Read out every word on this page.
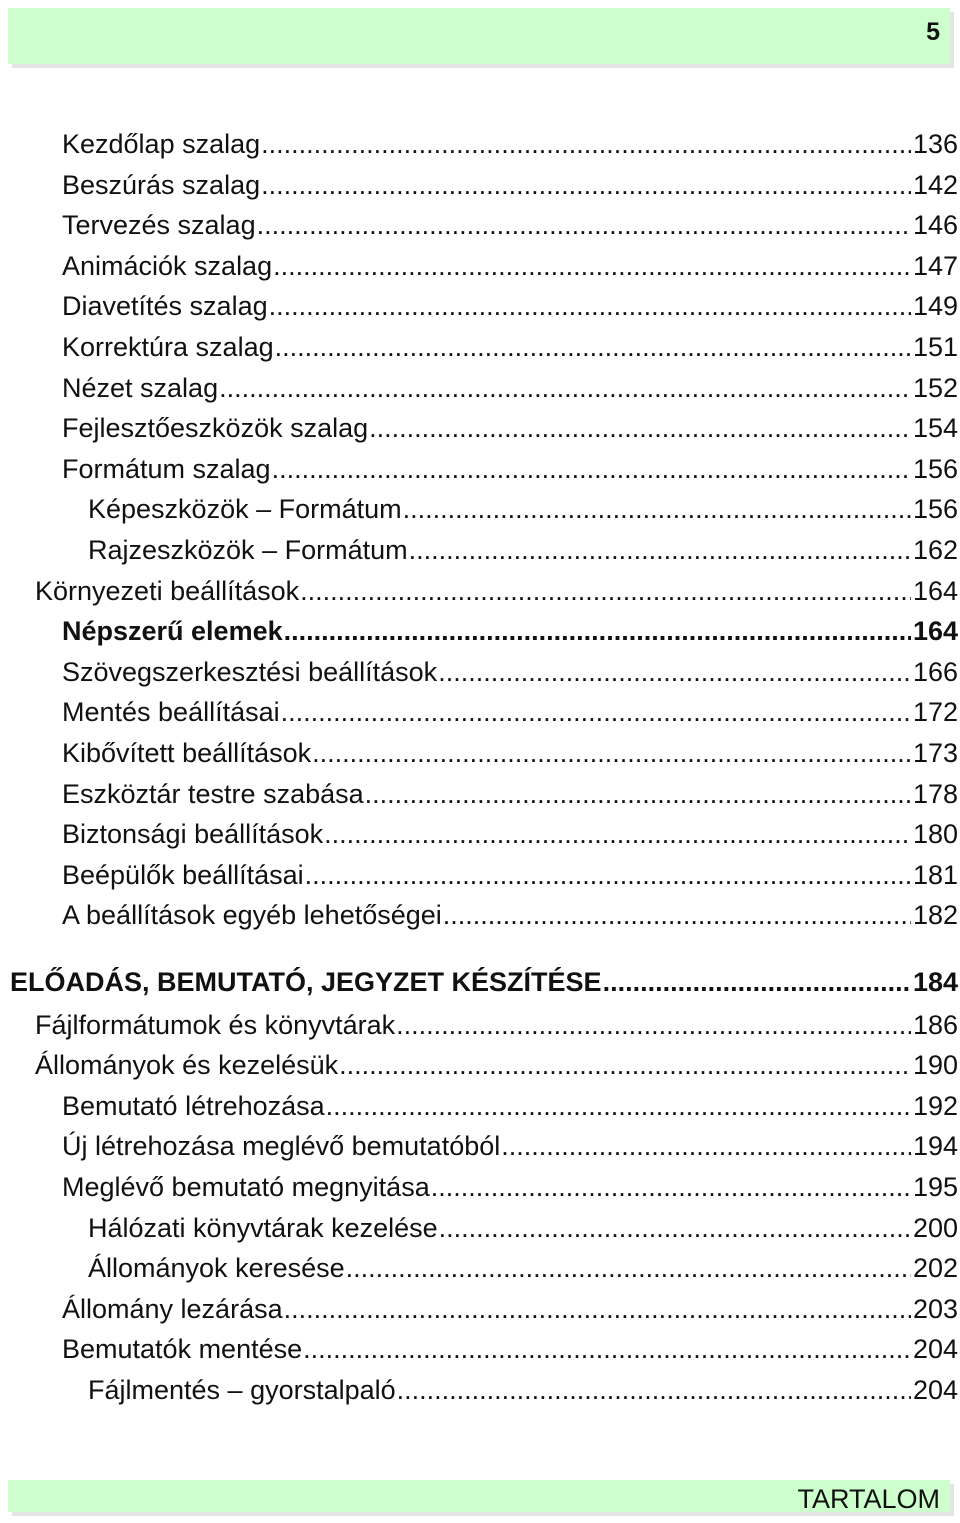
5
Kezdőlap szalag .....	136
Beszúrás szalag .....	142
Tervezés szalag .....	146
Animációk szalag .....	147
Diavetítés szalag .....	149
Korrektúra szalag .....	151
Nézet szalag .....	152
Fejlesztőeszközök szalag .....	154
Formátum szalag .....	156
Képeszközök – Formátum .....	156
Rajzeszközök – Formátum .....	162
Környezeti beállítások .....	164
Népszerű elemek .....	164
Szövegszerkesztési beállítások .....	166
Mentés beállításai .....	172
Kibővített beállítások .....	173
Eszköztár testre szabása .....	178
Biztonsági beállítások .....	180
Beépülők beállításai .....	181
A beállítások egyéb lehetőségei .....	182
ELŐADÁS, BEMUTATÓ, JEGYZET KÉSZÍTÉSE .....	184
Fájlformátumok és könyvtárak .....	186
Állományok és kezelésük .....	190
Bemutató létrehozása .....	192
Új létrehozása meglévő bemutatóból .....	194
Meglévő bemutató megnyitása .....	195
Hálózati könyvtárak kezelése .....	200
Állományok keresése .....	202
Állomány lezárása .....	203
Bemutatók mentése .....	204
Fájlmentés – gyorstalpaló .....	204
TARTALOM
